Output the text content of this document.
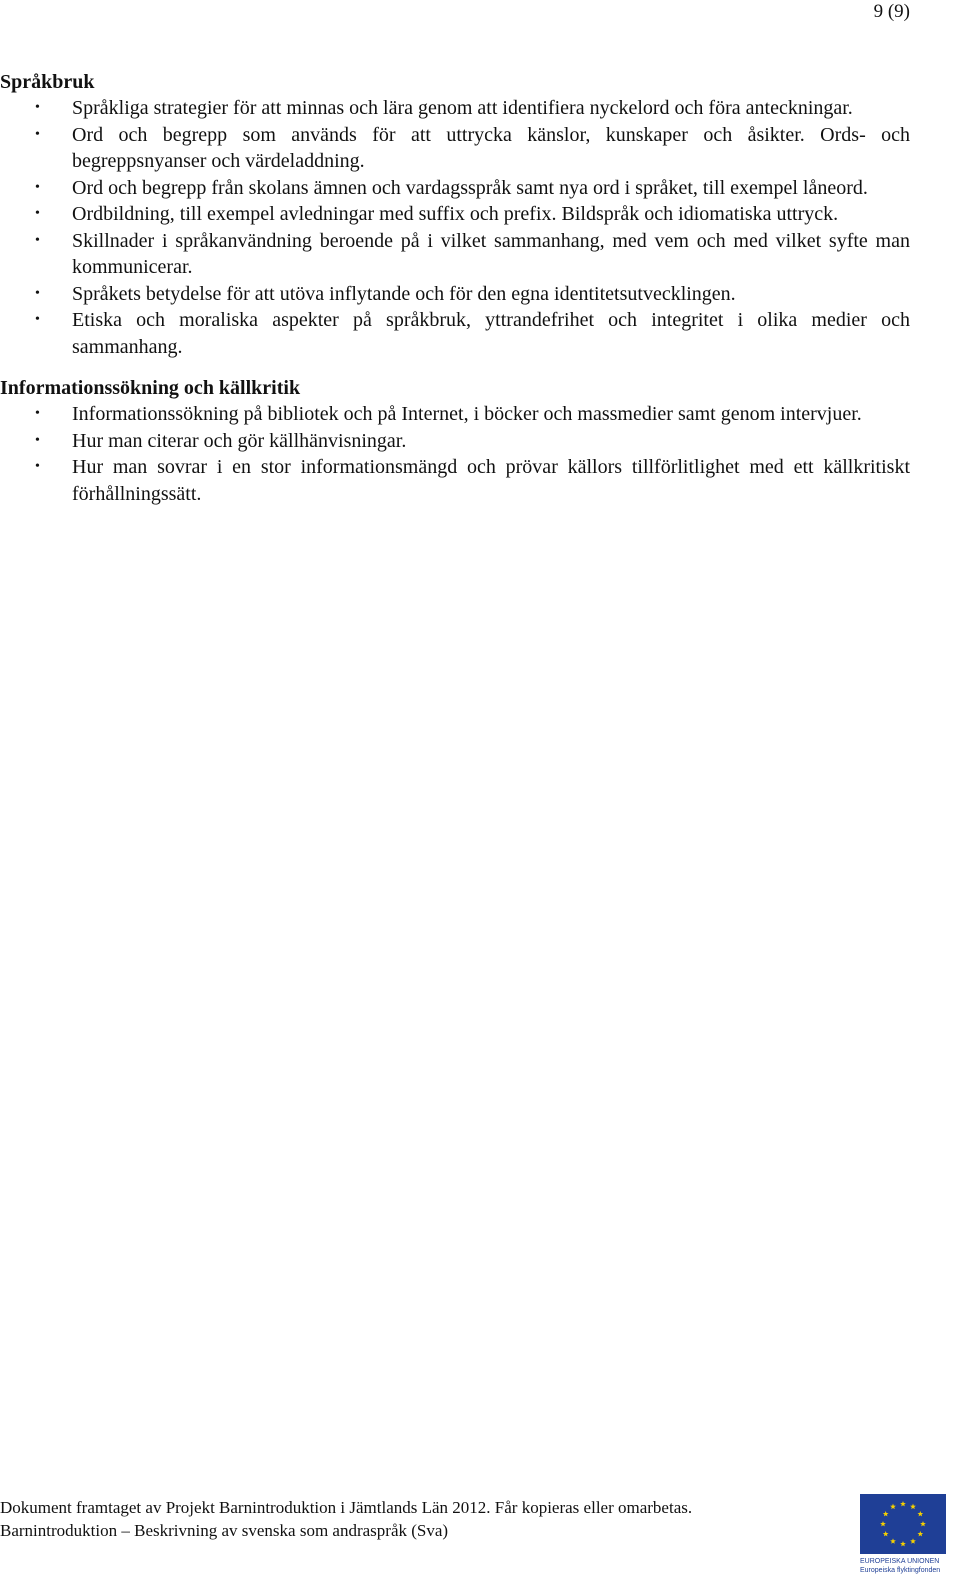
9 (9)
Språkbruk
• Språkliga strategier för att minnas och lära genom att identifiera nyckelord och föra anteckningar.
• Ord och begrepp som används för att uttrycka känslor, kunskaper och åsikter. Ords- och begreppsnyanser och värdeladdning.
• Ord och begrepp från skolans ämnen och vardagsspråk samt nya ord i språket, till exempel låneord.
• Ordbildning, till exempel avledningar med suffix och prefix. Bildspråk och idiomatiska uttryck.
• Skillnader i språkanvändning beroende på i vilket sammanhang, med vem och med vilket syfte man kommunicerar.
• Språkets betydelse för att utöva inflytande och för den egna identitetsutvecklingen.
• Etiska och moraliska aspekter på språkbruk, yttrandefrihet och integritet i olika medier och sammanhang.
Informationssökning och källkritik
• Informationssökning på bibliotek och på Internet, i böcker och massmedier samt genom intervjuer.
• Hur man citerar och gör källhänvisningar.
• Hur man sovrar i en stor informationsmängd och prövar källors tillförlitlighet med ett källkritiskt förhållningssätt.
Dokument framtaget av Projekt Barnintroduktion i Jämtlands Län 2012. Får kopieras eller omarbetas.
Barnintroduktion – Beskrivning av svenska som andraspråk (Sva)
EUROPEISKA UNIONEN
Europeiska flyktingfonden
